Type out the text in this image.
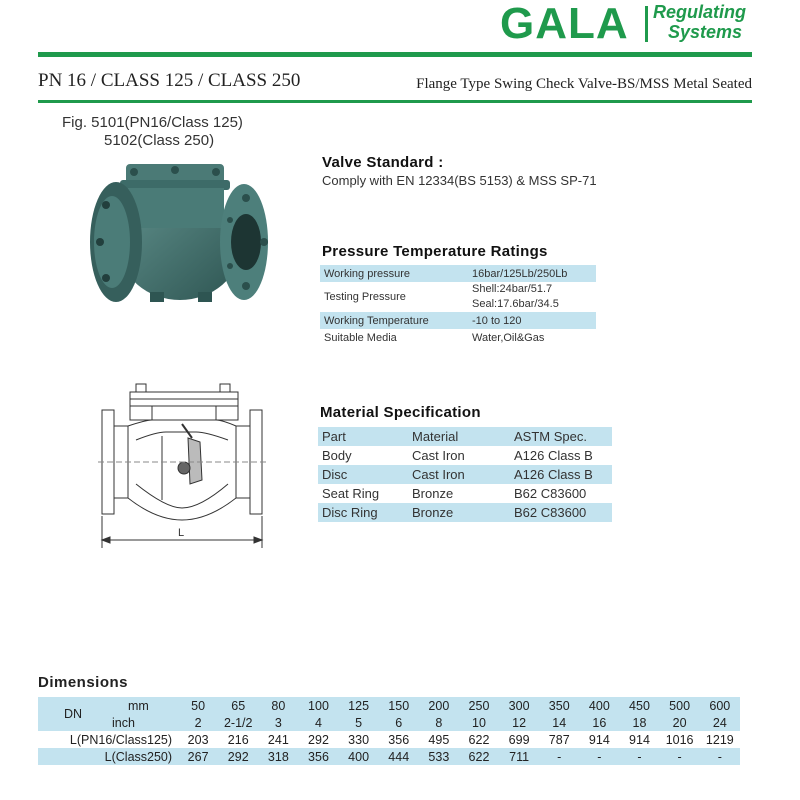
GALA Regulating
Systems
PN 16 / CLASS 125 / CLASS 250	Flange Type Swing Check Valve-BS/MSS Metal Seated
Fig. 5101(PN16/Class 125)
5102(Class 250)
L
Valve Standard :
Comply with EN 12334(BS 5153) & MSS SP-71
Pressure Temperature Ratings
Working pressure	16bar/125Lb/250Lb
Testing Pressure	Shell:24bar/51.7
Seal:17.6bar/34.5

Working Temperature	-10 to 120
Suitable Media	Water,Oil&Gas
Material Specification
Part	Material	ASTM Spec.
Body	Cast Iron	A126 Class B
Disc	Cast Iron	A126 Class B
Seat Ring	Bronze	B62 C83600
Disc Ring	Bronze	B62 C83600
Dimensions
DN
mm	50	65	80	100	125	150	200	250	300	350	400	450	500	600
inch	2	2-1/2	3	4	5	6	8	10	12	14	16	18	20	24
L(PN16/Class125)	203	216	241	292	330	356	495	622	699	787	914	914	1016	1219
L(Class250)	267	292	318	356	400	444	533	622	711	-	-	-	-	-
